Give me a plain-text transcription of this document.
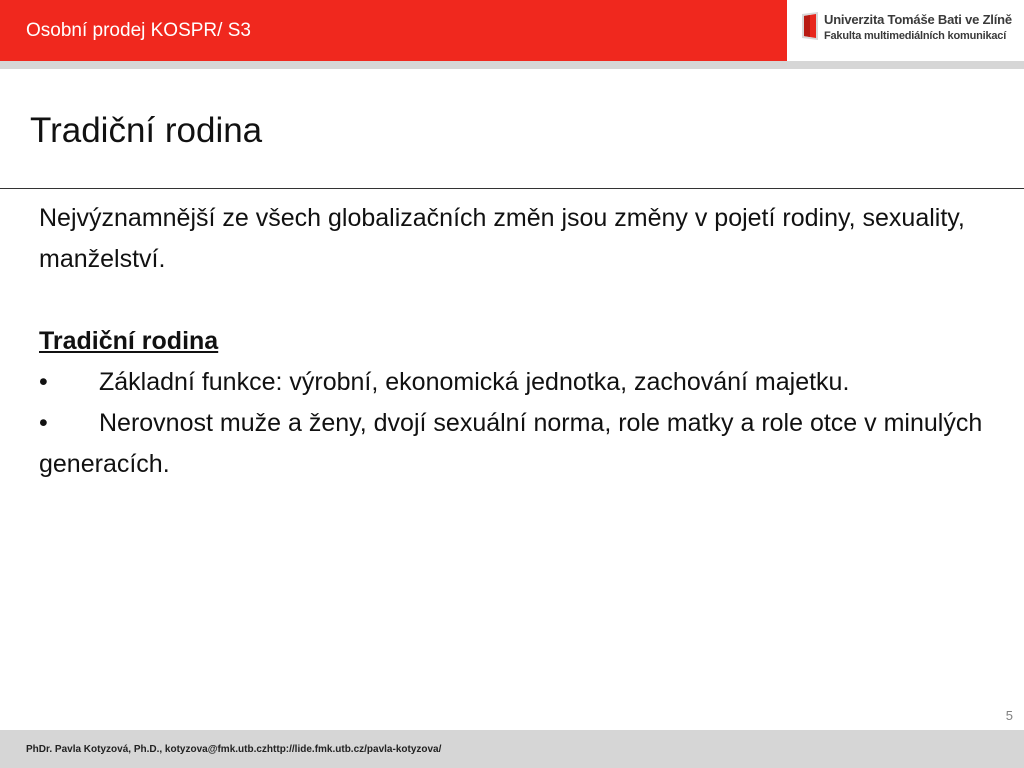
Osobní prodej KOSPR/ S3
Univerzita Tomáše Bati ve Zlíně
Fakulta multimediálních komunikací
Tradiční rodina

Nejvýznamnější ze všech globalizačních změn jsou změny v pojetí rodiny, sexuality, manželství.

Tradiční rodina

• Základní funkce: výrobní, ekonomická jednotka, zachování majetku.

• Nerovnost muže a ženy, dvojí sexuální norma, role matky a role otce v minulých generacích.

5
PhDr. Pavla Kotyzová, Ph.D., kotyzova@fmk.utb.czhttp://lide.fmk.utb.cz/pavla-kotyzova/
